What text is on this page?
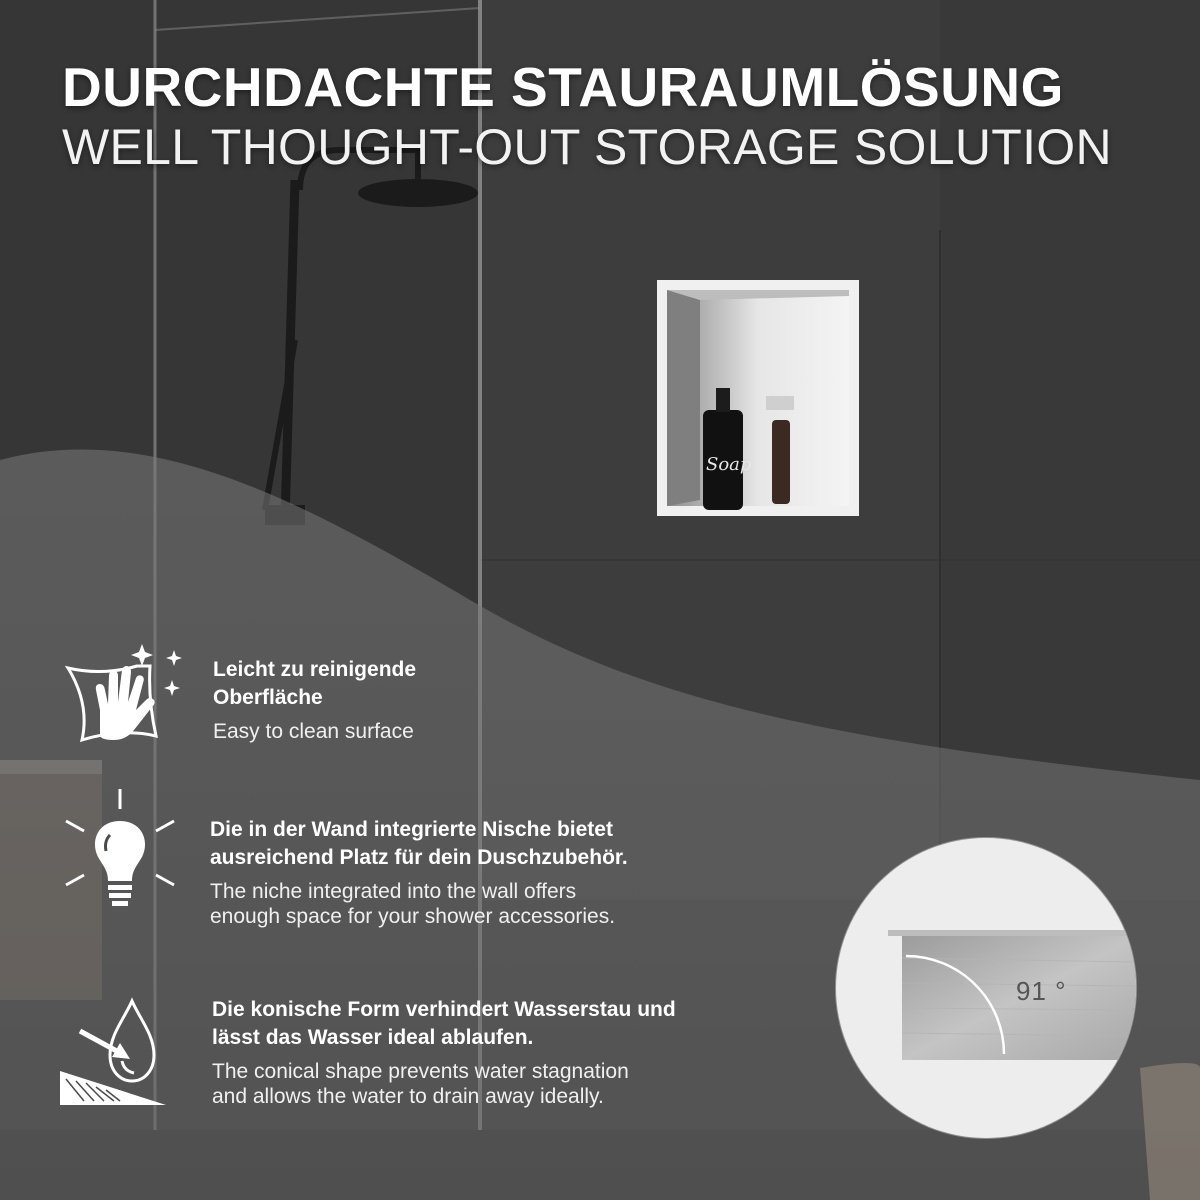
Soap
DURCHDACHTE STAURAUMLÖSUNG
WELL THOUGHT-OUT STORAGE SOLUTION
Leicht zu reinigende
Oberfläche
Easy to clean surface
Die in der Wand integrierte Nische bietet
ausreichend Platz für dein Duschzubehör.
The niche integrated into the wall offers
enough space for your shower accessories.
Die konische Form verhindert Wasserstau und
lässt das Wasser ideal ablaufen.
The conical shape prevents water stagnation
and allows the water to drain away ideally.
91 °
